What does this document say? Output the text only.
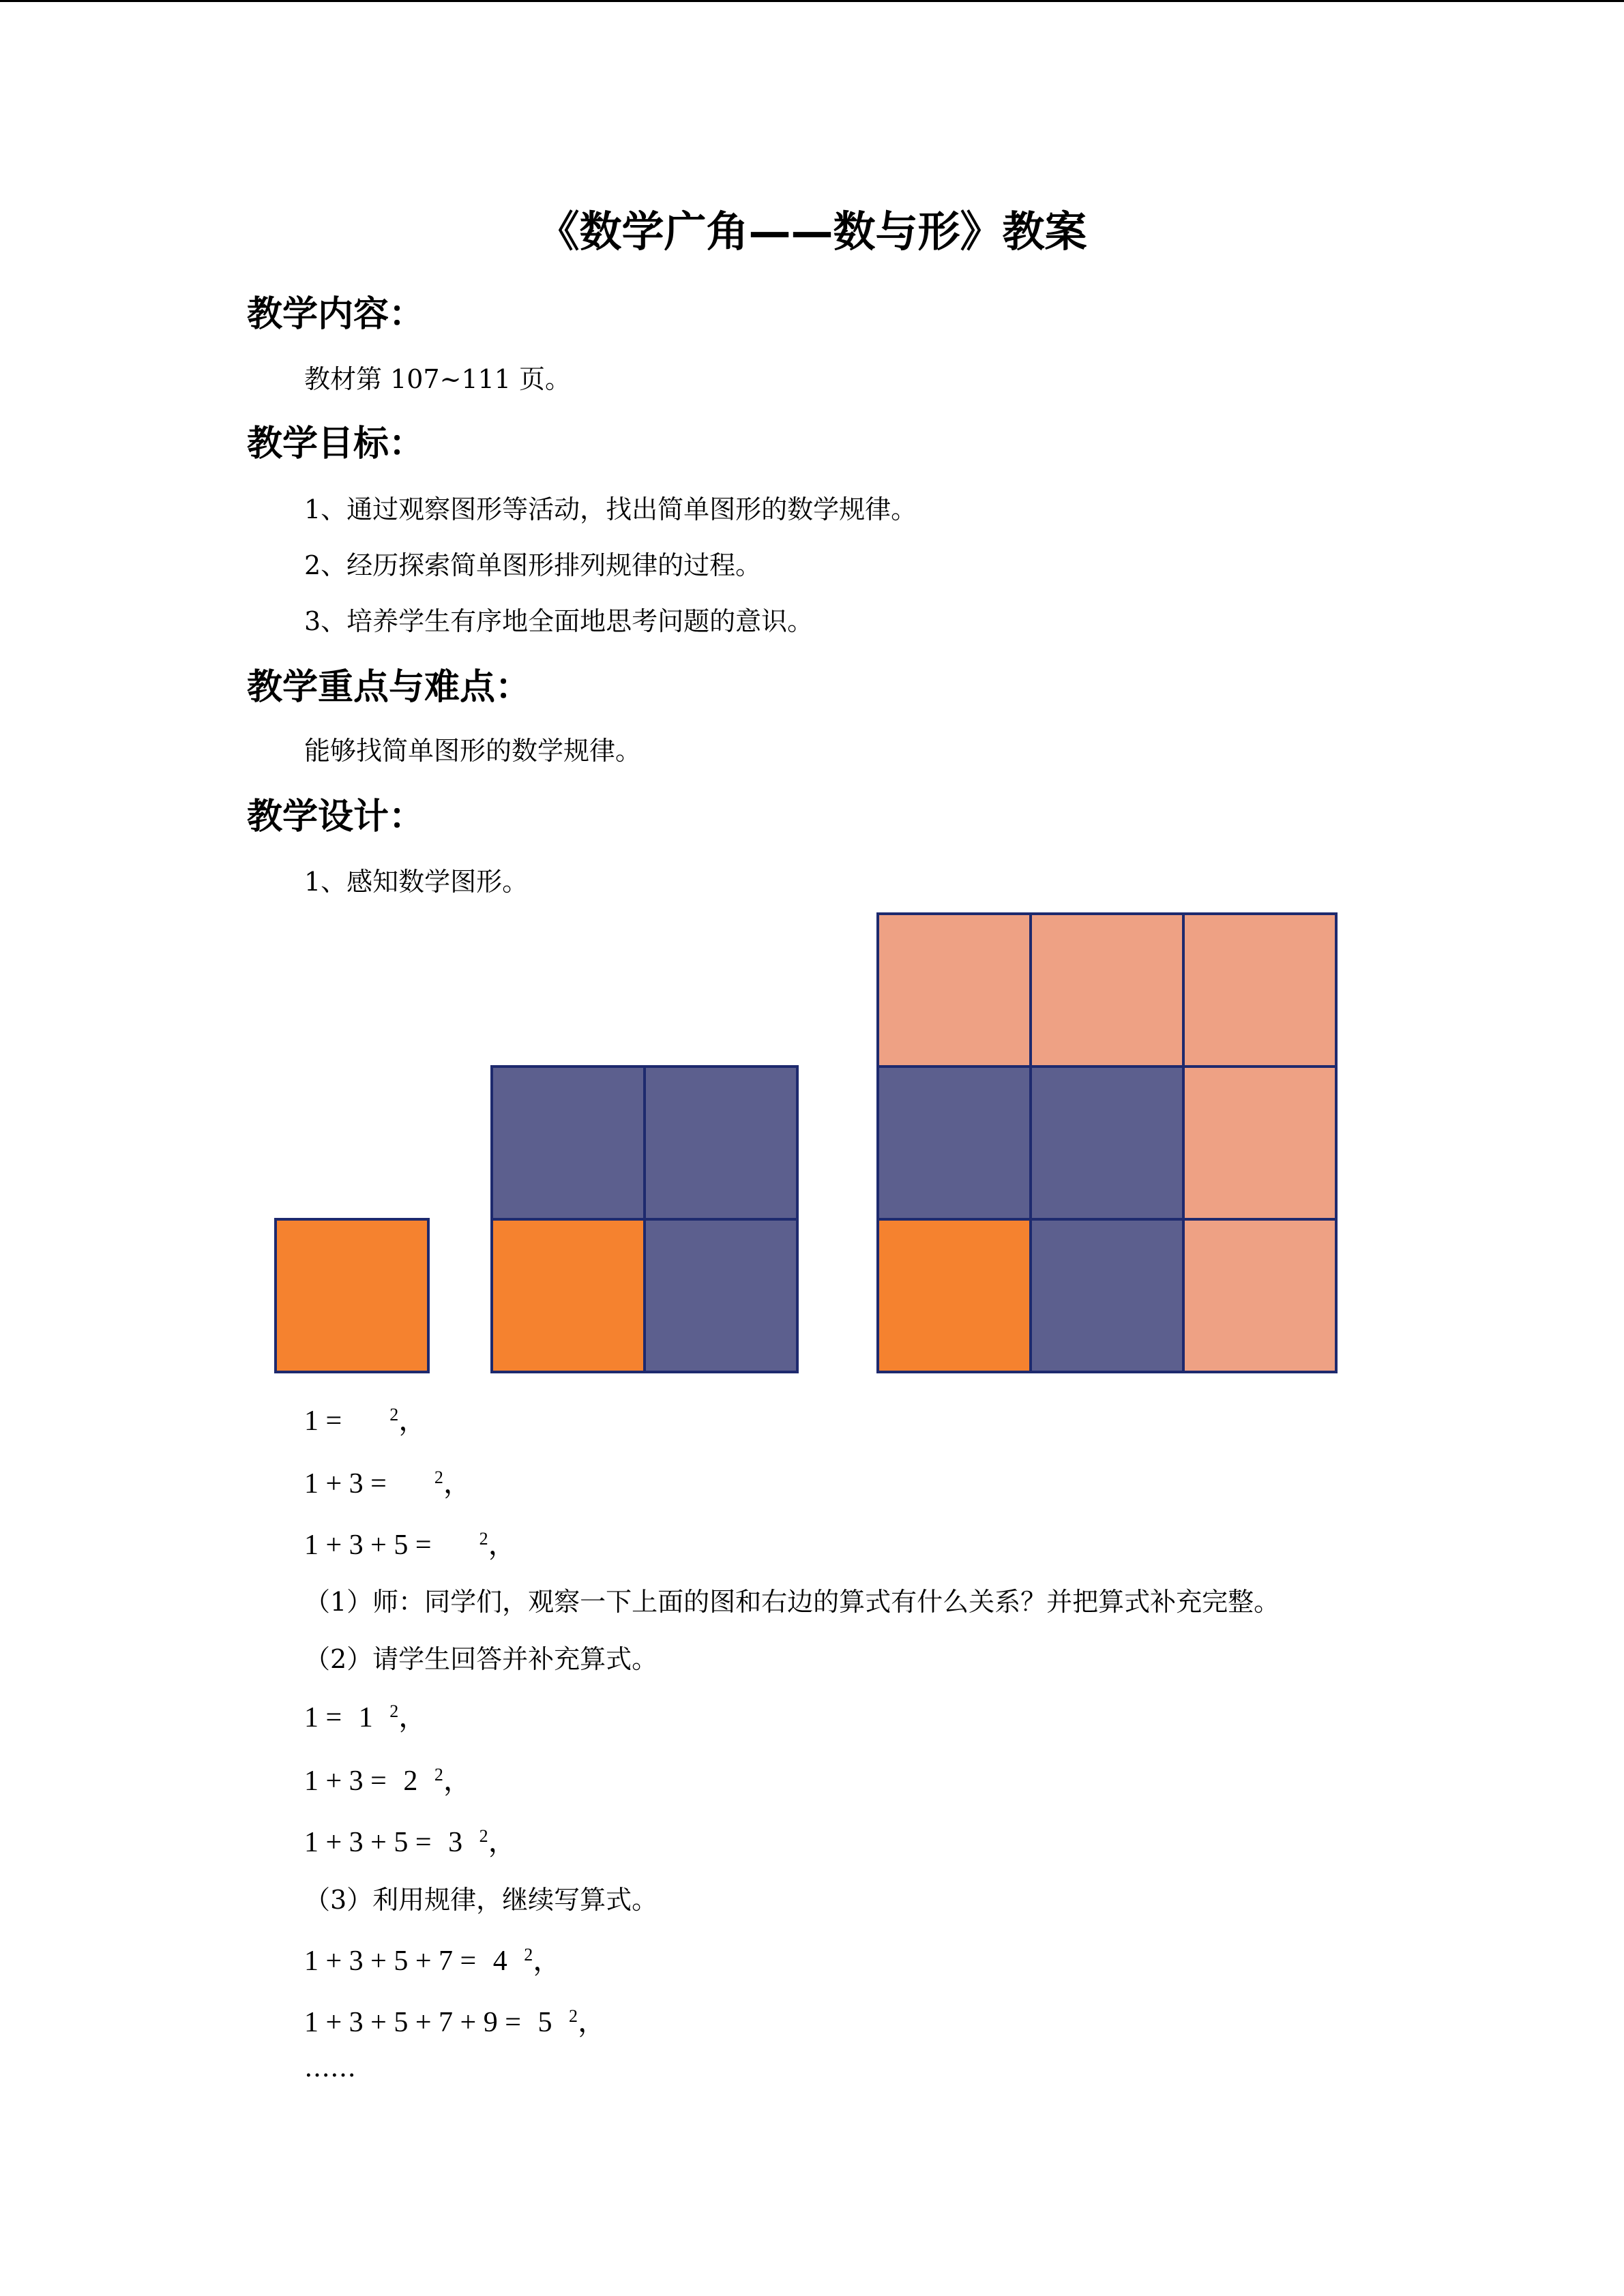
《数学广角——数与形》教案
教学内容：
教材第 107~111 页。
教学目标：
1、通过观察图形等活动，找出简单图形的数学规律。
2、经历探索简单图形排列规律的过程。
3、培养学生有序地全面地思考问题的意识。
教学重点与难点：
能够找简单图形的数学规律。
教学设计：
1、感知数学图形。
1 =	$^2$，
1 + 3 =	$^2$，
1 + 3 + 5 =	$^2$，
（1）师：同学们，观察一下上面的图和右边的算式有什么关系？并把算式补充完整。
（2）请学生回答并补充算式。
1 = 1 $^2$，
1 + 3 = 2 $^2$，
1 + 3 + 5 = 3 $^2$，
（3）利用规律，继续写算式。
1 + 3 + 5 + 7 = 4 $^2$，
1 + 3 + 5 + 7 + 9 = 5 $^2$，
……
